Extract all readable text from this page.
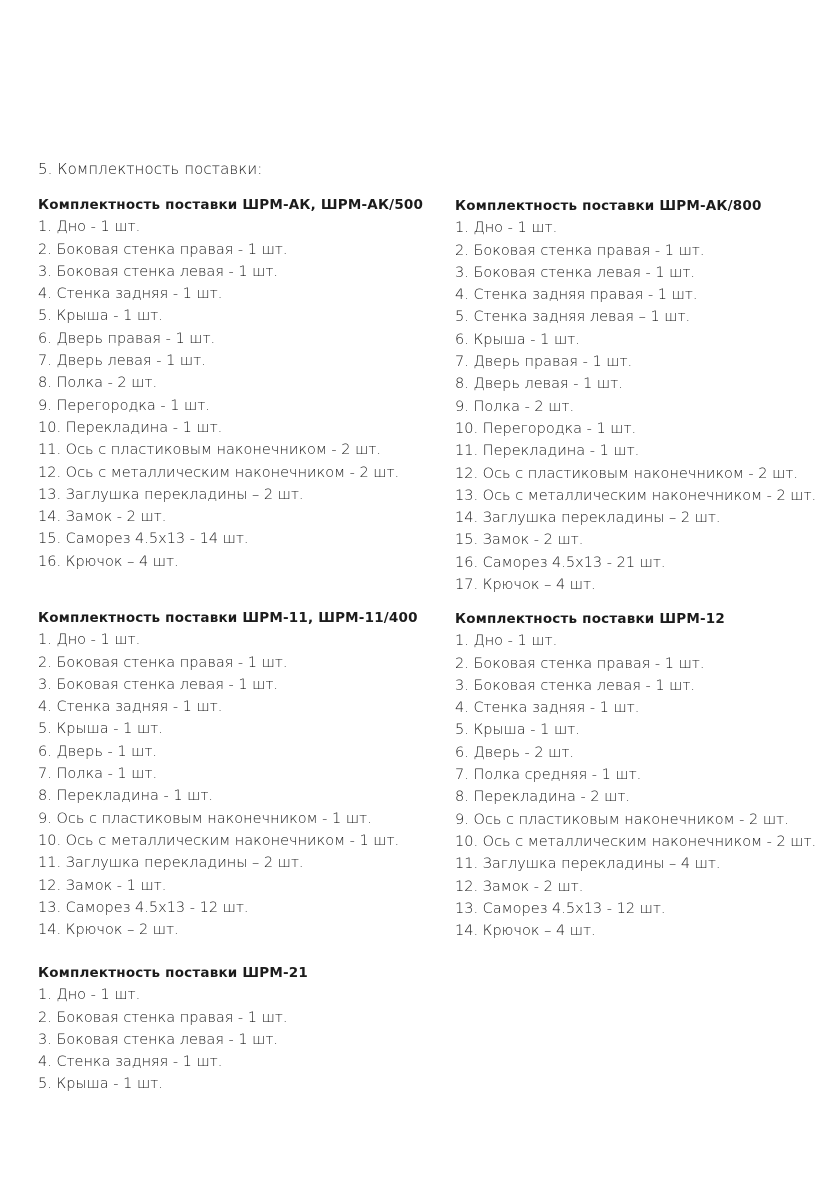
5. Комплектность поставки:
Комплектность поставки ШРМ-АК, ШРМ-АК/500
1. Дно - 1 шт.
2. Боковая стенка правая - 1 шт.
3. Боковая стенка левая - 1 шт.
4. Стенка задняя - 1 шт.
5. Крыша - 1 шт.
6. Дверь правая - 1 шт.
7. Дверь левая - 1 шт.
8. Полка - 2 шт.
9. Перегородка - 1 шт.
10. Перекладина - 1 шт.
11. Ось с пластиковым наконечником - 2 шт.
12. Ось с металлическим наконечником - 2 шт.
13. Заглушка перекладины – 2 шт.
14. Замок - 2 шт.
15. Саморез 4.5х13 - 14 шт.
16. Крючок – 4 шт.
Комплектность поставки ШРМ-АК/800
1. Дно - 1 шт.
2. Боковая стенка правая - 1 шт.
3. Боковая стенка левая - 1 шт.
4. Стенка задняя правая - 1 шт.
5. Стенка задняя левая – 1 шт.
6. Крыша - 1 шт.
7. Дверь правая - 1 шт.
8. Дверь левая - 1 шт.
9. Полка - 2 шт.
10. Перегородка - 1 шт.
11. Перекладина - 1 шт.
12. Ось с пластиковым наконечником - 2 шт.
13. Ось с металлическим наконечником - 2 шт.
14. Заглушка перекладины – 2 шт.
15. Замок - 2 шт.
16. Саморез 4.5х13 - 21 шт.
17. Крючок – 4 шт.
Комплектность поставки ШРМ-11, ШРМ-11/400
1. Дно - 1 шт.
2. Боковая стенка правая - 1 шт.
3. Боковая стенка левая - 1 шт.
4. Стенка задняя - 1 шт.
5. Крыша - 1 шт.
6. Дверь - 1 шт.
7. Полка - 1 шт.
8. Перекладина - 1 шт.
9. Ось с пластиковым наконечником - 1 шт.
10. Ось с металлическим наконечником - 1 шт.
11. Заглушка перекладины – 2 шт.
12. Замок - 1 шт.
13. Саморез 4.5х13 - 12 шт.
14. Крючок – 2 шт.
Комплектность поставки ШРМ-12
1. Дно - 1 шт.
2. Боковая стенка правая - 1 шт.
3. Боковая стенка левая - 1 шт.
4. Стенка задняя - 1 шт.
5. Крыша - 1 шт.
6. Дверь - 2 шт.
7. Полка средняя - 1 шт.
8. Перекладина - 2 шт.
9. Ось с пластиковым наконечником - 2 шт.
10. Ось с металлическим наконечником - 2 шт.
11. Заглушка перекладины – 4 шт.
12. Замок - 2 шт.
13. Саморез 4.5х13 - 12 шт.
14. Крючок – 4 шт.
Комплектность поставки ШРМ-21
1. Дно - 1 шт.
2. Боковая стенка правая - 1 шт.
3. Боковая стенка левая - 1 шт.
4. Стенка задняя - 1 шт.
5. Крыша - 1 шт.
